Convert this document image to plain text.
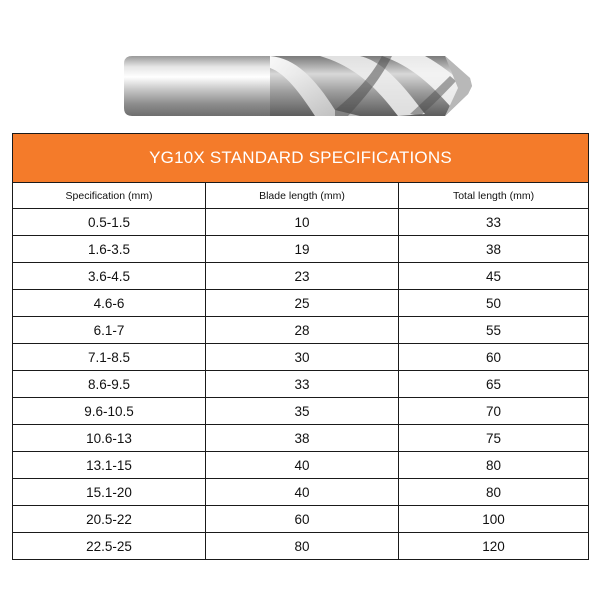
YG10X STANDARD SPECIFICATIONS		
Specification (mm)	Blade length (mm)	Total length (mm)
0.5-1.5	10	33
1.6-3.5	19	38
3.6-4.5	23	45
4.6-6	25	50
6.1-7	28	55
7.1-8.5	30	60
8.6-9.5	33	65
9.6-10.5	35	70
10.6-13	38	75
13.1-15	40	80
15.1-20	40	80
20.5-22	60	100
22.5-25	80	120
